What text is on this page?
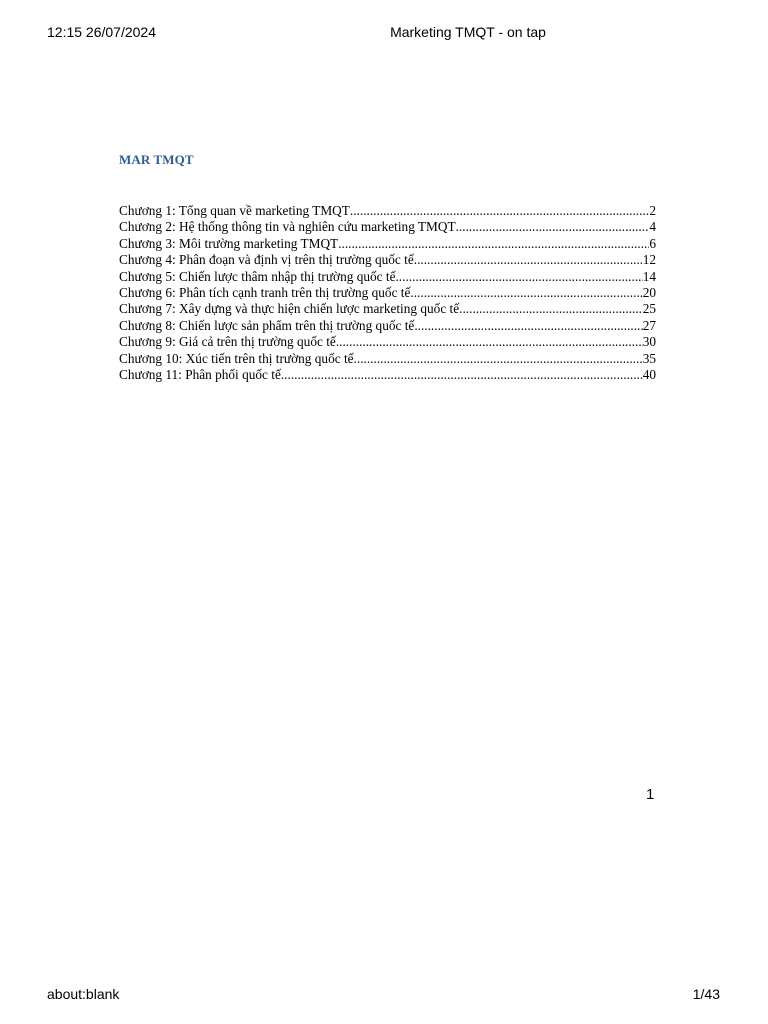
12:15 26/07/2024	Marketing TMQT - on tap
MAR TMQT
Chương 1: Tổng quan về marketing TMQT .....	2
Chương 2: Hệ thống thông tin và nghiên cứu marketing TMQT .....	4
Chương 3: Môi trường marketing TMQT .....	6
Chương 4: Phân đoạn và định vị trên thị trường quốc tế .....	12
Chương 5: Chiến lược thâm nhập thị trường quốc tế .....	14
Chương 6: Phân tích cạnh tranh trên thị trường quốc tế .....	20
Chương 7: Xây dựng và thực hiện chiến lược marketing quốc tế .....	25
Chương 8: Chiến lược sản phẩm trên thị trường quốc tế .....	27
Chương 9: Giá cả trên thị trường quốc tế .....	30
Chương 10: Xúc tiến trên thị trường quốc tế .....	35
Chương 11: Phân phối quốc tế .....	40
1
about:blank	1/43
